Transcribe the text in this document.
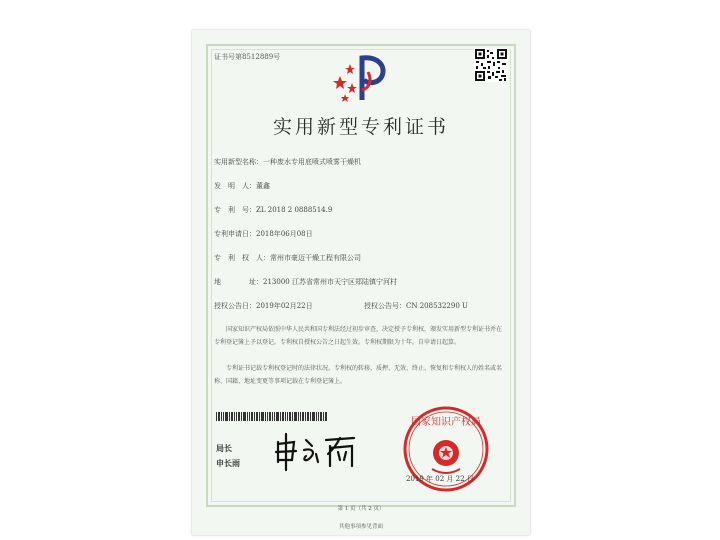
证书号第8512889号
实用新型专利证书
实用新型名称：一种废水专用底喷式喷雾干燥机
发　明　人：董鑫
专　利　号：ZL 2018 2 0888514.9
专利申请日：2018年06月08日
专　利　权　人：常州市豪迈干燥工程有限公司
地　　　　址：213000 江苏省常州市天宁区郑陆镇宁河村
授权公告日：2019年02月22日	授权公告号：CN 208532290 U

国家知识产权局依照中华人民共和国专利法经过初步审查，决定授予专利权，颁发实用新型专利证书并在专利登记簿上予以登记。专利权自授权公告之日起生效。专利权期限为十年，自申请日起算。

专利证书记载专利权登记时的法律状况。专利权的转移、质押、无效、终止、恢复和专利权人的姓名或名称、国籍、地址变更等事项记载在专利登记簿上。

局长
申长雨
国家知识产权局
2019 年 02 月 22 日
第 1 页（共 2 页）
其他事项参见背面
